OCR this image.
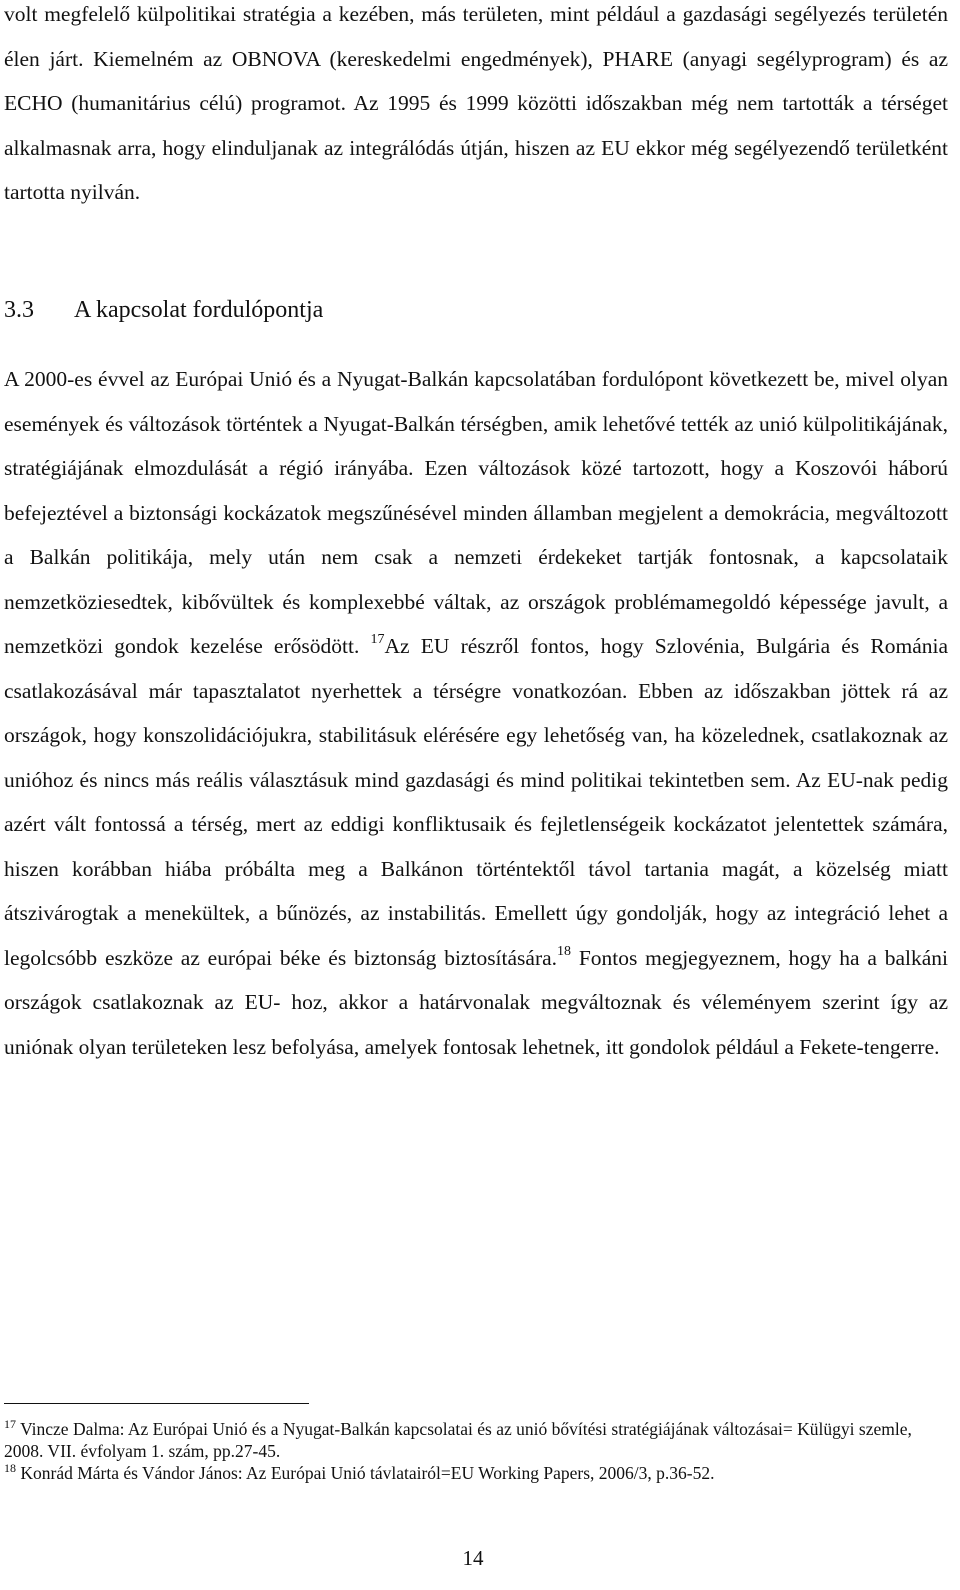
volt megfelelő külpolitikai stratégia a kezében, más területen, mint például a gazdasági segélyezés területén élen járt. Kiemelném az OBNOVA (kereskedelmi engedmények), PHARE (anyagi segélyprogram) és az ECHO (humanitárius célú) programot. Az 1995 és 1999 közötti időszakban még nem tartották a térséget alkalmasnak arra, hogy elinduljanak az integrálódás útján, hiszen az EU ekkor még segélyezendő területként tartotta nyilván.

3.3 A kapcsolat fordulópontja

A 2000-es évvel az Európai Unió és a Nyugat-Balkán kapcsolatában fordulópont következett be, mivel olyan események és változások történtek a Nyugat-Balkán térségben, amik lehetővé tették az unió külpolitikájának, stratégiájának elmozdulását a régió irányába. Ezen változások közé tartozott, hogy a Koszovói háború befejeztével a biztonsági kockázatok megszűnésével minden államban megjelent a demokrácia, megváltozott a Balkán politikája, mely után nem csak a nemzeti érdekeket tartják fontosnak, a kapcsolataik nemzetköziesedtek, kibővültek és komplexebbé váltak, az országok problémamegoldó képessége javult, a nemzetközi gondok kezelése erősödött. $^{17}$Az EU részről fontos, hogy Szlovénia, Bulgária és Románia csatlakozásával már tapasztalatot nyerhettek a térségre vonatkozóan. Ebben az időszakban jöttek rá az országok, hogy konszolidációjukra, stabilitásuk elérésére egy lehetőség van, ha közelednek, csatlakoznak az unióhoz és nincs más reális választásuk mind gazdasági és mind politikai tekintetben sem. Az EU-nak pedig azért vált fontossá a térség, mert az eddigi konfliktusaik és fejletlenségeik kockázatot jelentettek számára, hiszen korábban hiába próbálta meg a Balkánon történtektől távol tartania magát, a közelség miatt átszivárogtak a menekültek, a bűnözés, az instabilitás. Emellett úgy gondolják, hogy az integráció lehet a legolcsóbb eszköze az európai béke és biztonság biztosítására.$^{18}$ Fontos megjegyeznem, hogy ha a balkáni országok csatlakoznak az EU- hoz, akkor a határvonalak megváltoznak és véleményem szerint így az uniónak olyan területeken lesz befolyása, amelyek fontosak lehetnek, itt gondolok például a Fekete-tengerre.

$^{17}$ Vincze Dalma: Az Európai Unió és a Nyugat-Balkán kapcsolatai és az unió bővítési stratégiájának változásai= Külügyi szemle, 2008. VII. évfolyam 1. szám, pp.27-45.

$^{18}$ Konrád Márta és Vándor János: Az Európai Unió távlatairól=EU Working Papers, 2006/3, p.36-52.

14
